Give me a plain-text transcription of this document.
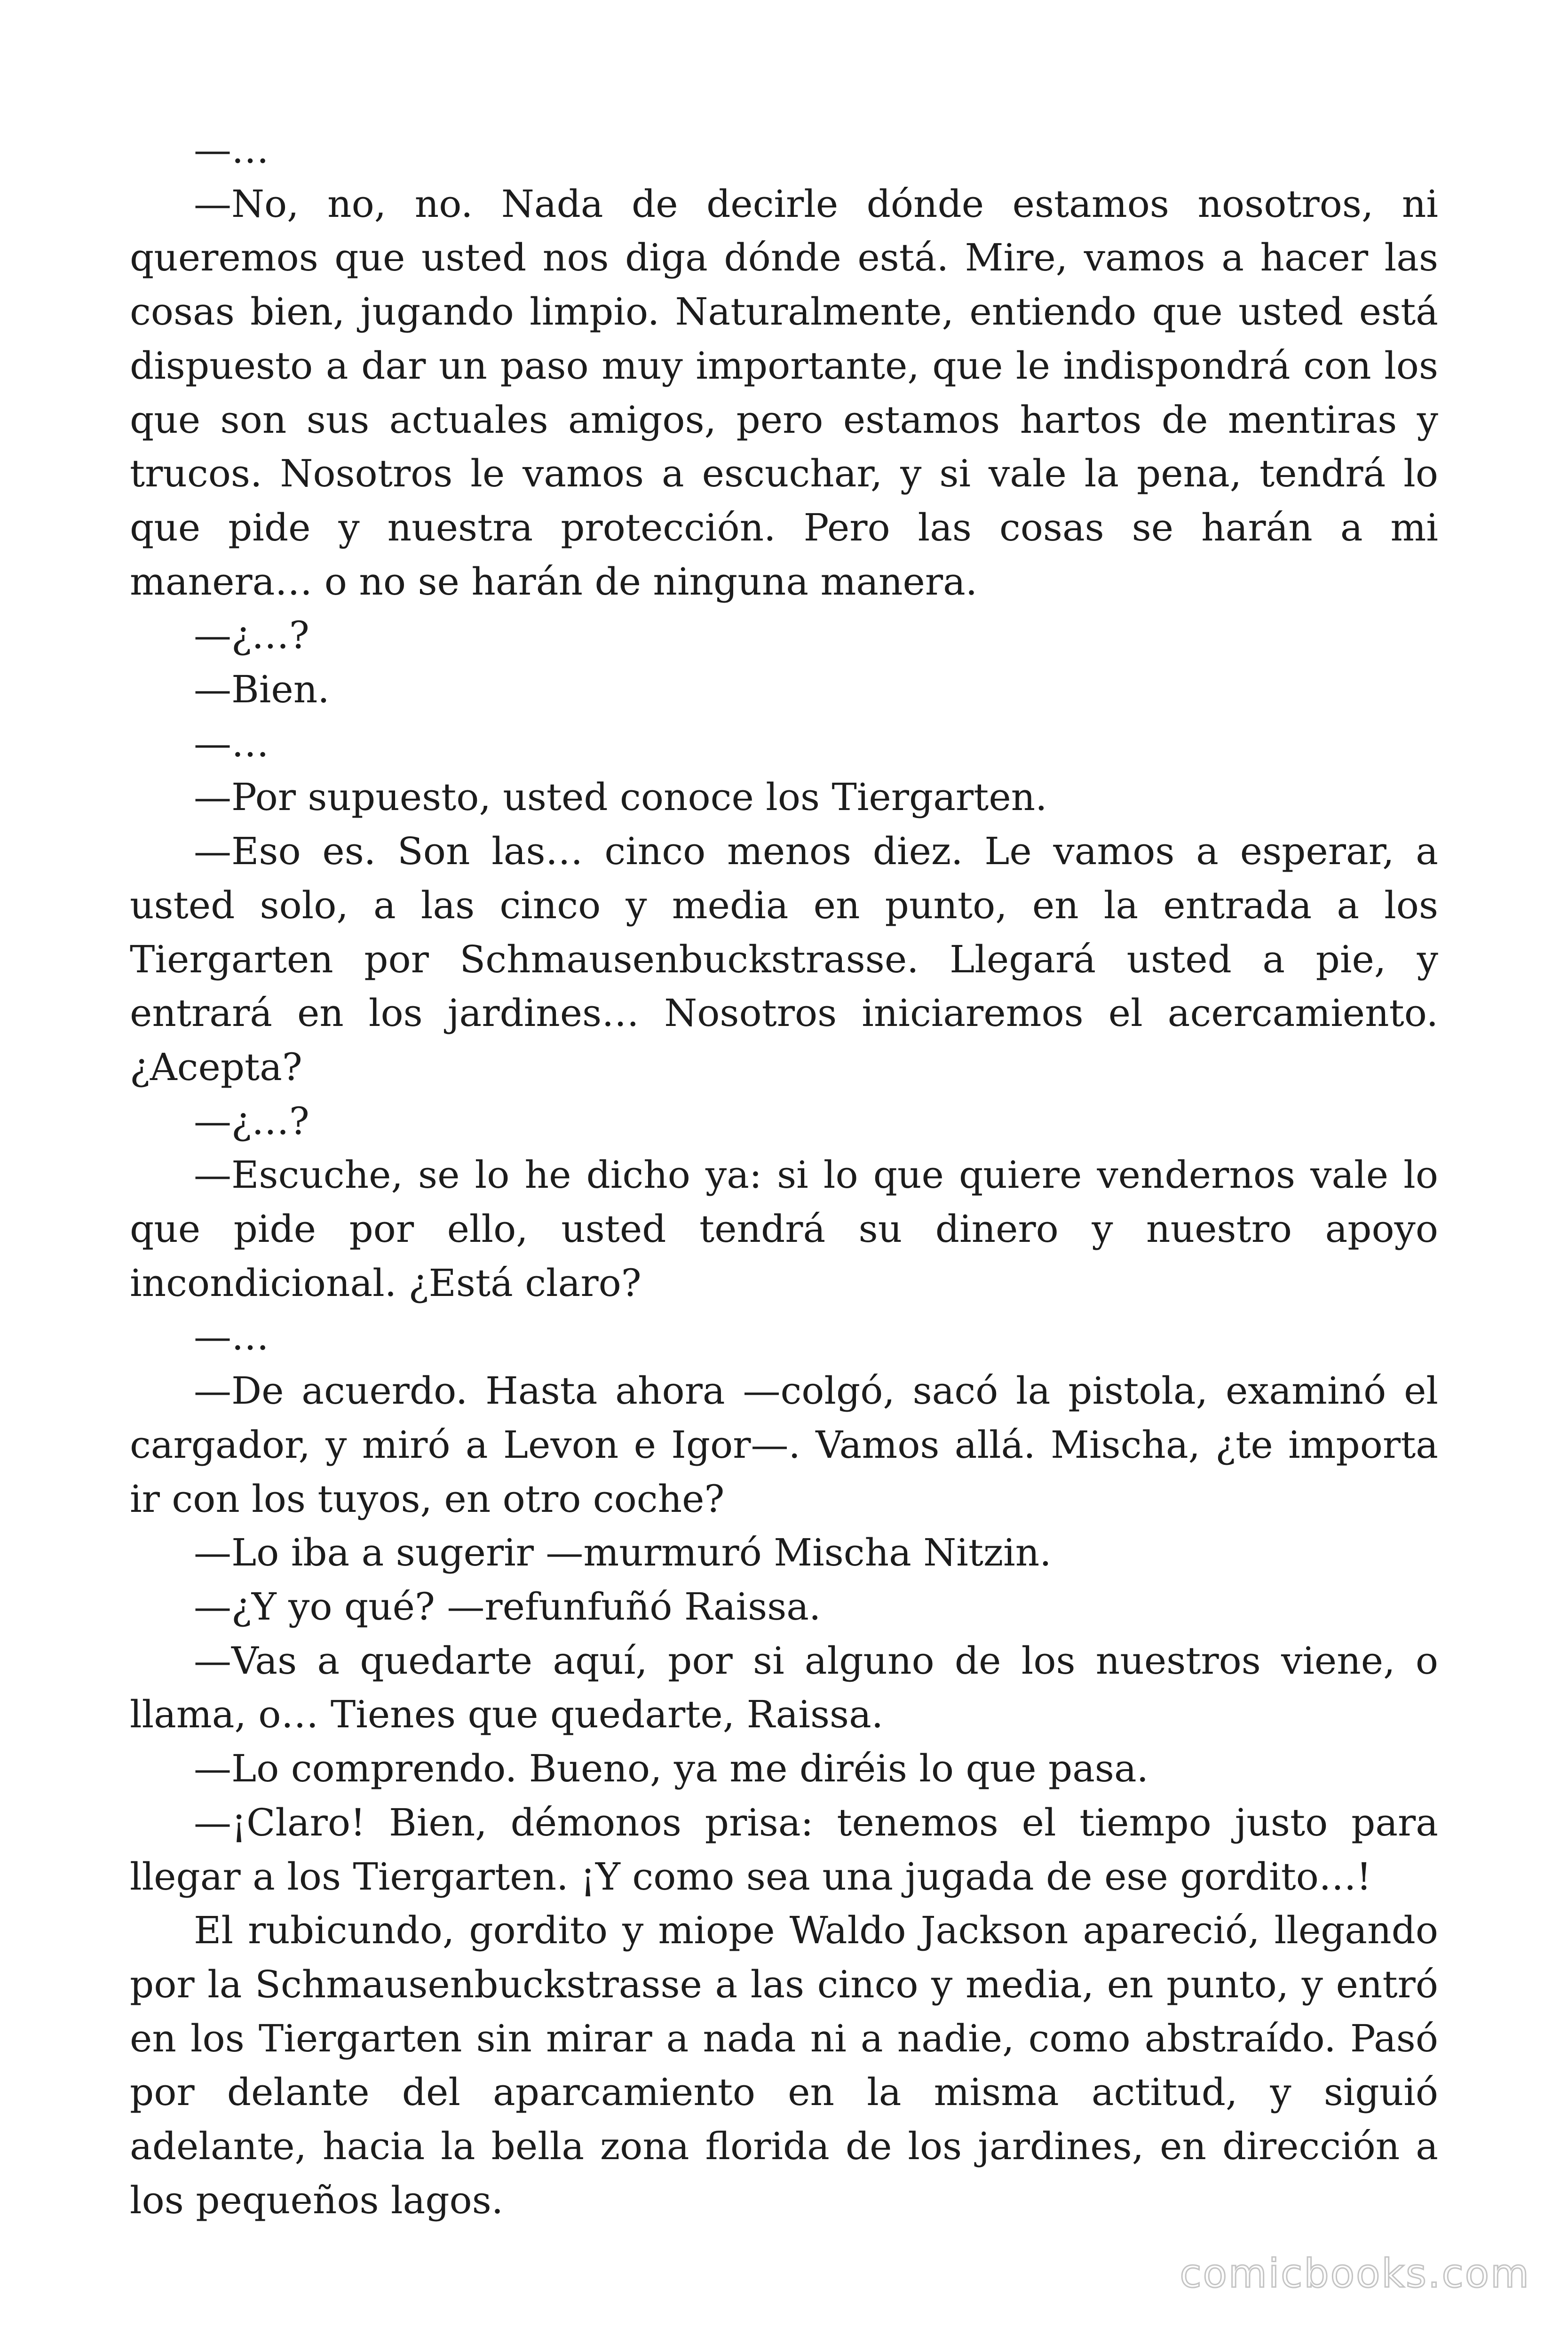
—…

—No, no, no. Nada de decirle dónde estamos nosotros, ni queremos que usted nos diga dónde está. Mire, vamos a hacer las cosas bien, jugando limpio. Naturalmente, entiendo que usted está dispuesto a dar un paso muy importante, que le indispondrá con los que son sus actuales amigos, pero estamos hartos de mentiras y trucos. Nosotros le vamos a escuchar, y si vale la pena, tendrá lo que pide y nuestra protección. Pero las cosas se harán a mi manera… o no se harán de ninguna manera.

—¿…?

—Bien.

—…

—Por supuesto, usted conoce los Tiergarten.

—Eso es. Son las… cinco menos diez. Le vamos a esperar, a usted solo, a las cinco y media en punto, en la entrada a los Tiergarten por Schmausenbuckstrasse. Llegará usted a pie, y entrará en los jardines… Nosotros iniciaremos el acercamiento. ¿Acepta?

—¿…?

—Escuche, se lo he dicho ya: si lo que quiere vendernos vale lo que pide por ello, usted tendrá su dinero y nuestro apoyo incondicional. ¿Está claro?

—…

—De acuerdo. Hasta ahora —colgó, sacó la pistola, examinó el cargador, y miró a Levon e Igor—. Vamos allá. Mischa, ¿te importa ir con los tuyos, en otro coche?

—Lo iba a sugerir —murmuró Mischa Nitzin.

—¿Y yo qué? —refunfuñó Raissa.

—Vas a quedarte aquí, por si alguno de los nuestros viene, o llama, o… Tienes que quedarte, Raissa.

—Lo comprendo. Bueno, ya me diréis lo que pasa.

—¡Claro! Bien, démonos prisa: tenemos el tiempo justo para llegar a los Tiergarten. ¡Y como sea una jugada de ese gordito…!

El rubicundo, gordito y miope Waldo Jackson apareció, llegando por la Schmausenbuckstrasse a las cinco y media, en punto, y entró en los Tiergarten sin mirar a nada ni a nadie, como abstraído. Pasó por delante del aparcamiento en la misma actitud, y siguió adelante, hacia la bella zona florida de los jardines, en dirección a los pequeños lagos.

comicbooks.com
